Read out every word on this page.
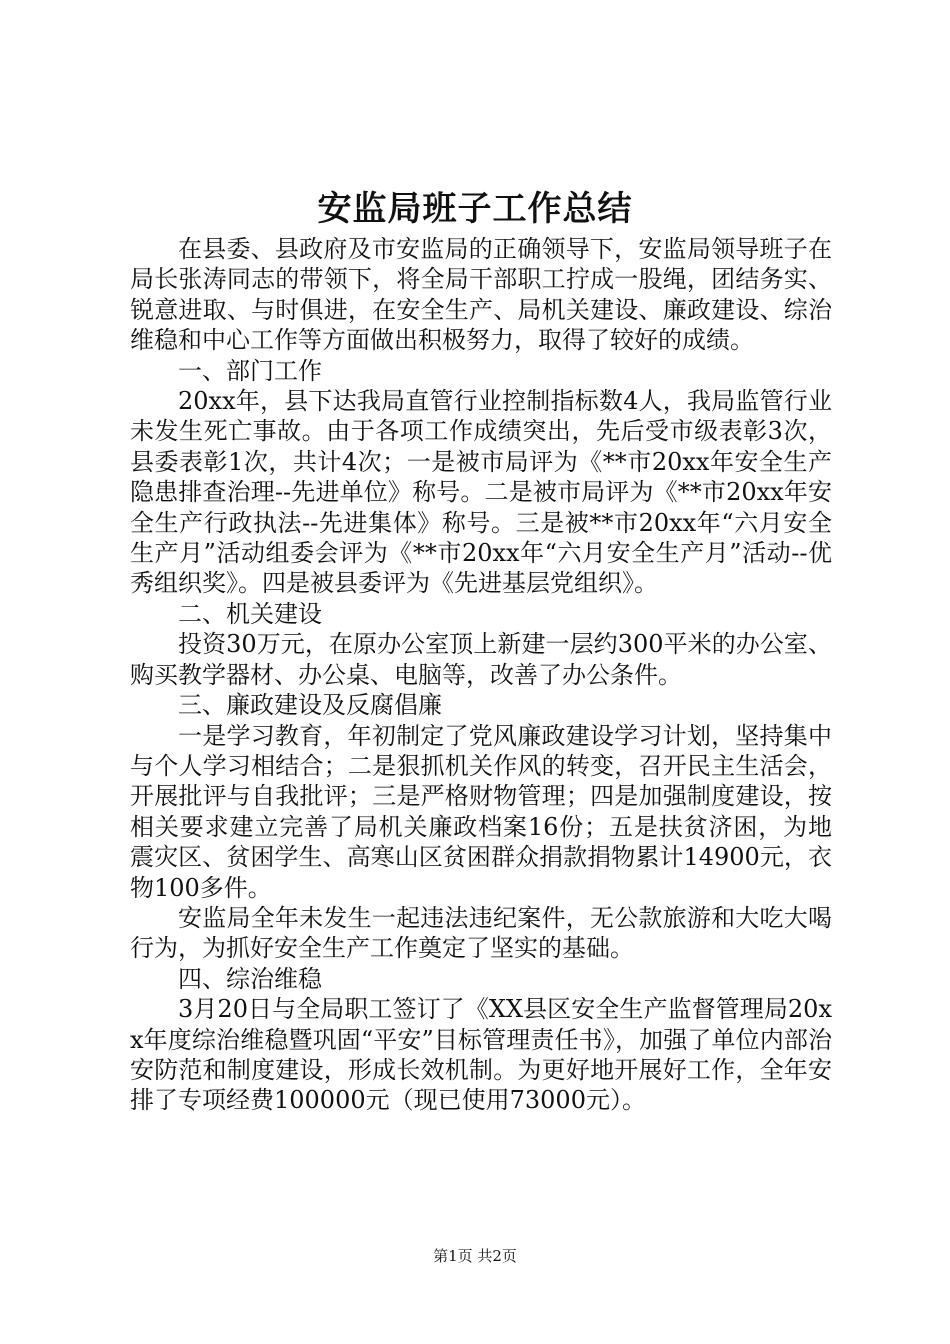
安监局班子工作总结

在县委、县政府及市安监局的正确领导下，安监局领导班子在局长张涛同志的带领下，将全局干部职工拧成一股绳，团结务实、锐意进取、与时俱进，在安全生产、局机关建设、廉政建设、综治维稳和中心工作等方面做出积极努力，取得了较好的成绩。

一、部门工作

20xx年，县下达我局直管行业控制指标数4人，我局监管行业未发生死亡事故。由于各项工作成绩突出，先后受市级表彰3次，县委表彰1次，共计4次；一是被市局评为《**市20xx年安全生产隐患排查治理--先进单位》称号。二是被市局评为《**市20xx年安全生产行政执法--先进集体》称号。三是被**市20xx年“六月安全生产月”活动组委会评为《**市20xx年“六月安全生产月”活动--优秀组织奖》。四是被县委评为《先进基层党组织》。

二、机关建设

投资30万元，在原办公室顶上新建一层约300平米的办公室、购买教学器材、办公桌、电脑等，改善了办公条件。

三、廉政建设及反腐倡廉

一是学习教育，年初制定了党风廉政建设学习计划，坚持集中与个人学习相结合；二是狠抓机关作风的转变，召开民主生活会，开展批评与自我批评；三是严格财物管理；四是加强制度建设，按相关要求建立完善了局机关廉政档案16份；五是扶贫济困，为地震灾区、贫困学生、高寒山区贫困群众捐款捐物累计14900元，衣物100多件。

安监局全年未发生一起违法违纪案件，无公款旅游和大吃大喝行为，为抓好安全生产工作奠定了坚实的基础。

四、综治维稳

3月20日与全局职工签订了《XX县区安全生产监督管理局20xx年度综治维稳暨巩固“平安”目标管理责任书》，加强了单位内部治安防范和制度建设，形成长效机制。为更好地开展好工作，全年安排了专项经费100000元（现已使用73000元）。

第1页 共2页
